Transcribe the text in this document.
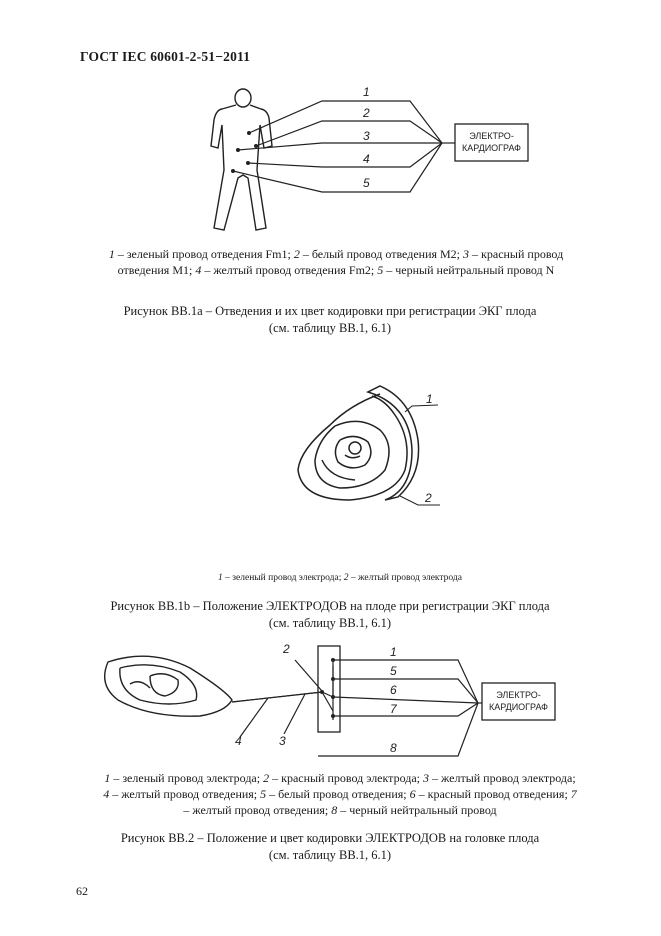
ГОСТ IEC 60601-2-51−2011
1
2
3
4
5
ЭЛЕКТРО-
КАРДИОГРАФ
1 – зеленый провод отведения Fm1; 2 – белый провод отведения M2; 3 – красный провод отведения M1; 4 – желтый провод отведения Fm2; 5 – черный нейтральный провод N
Рисунок ВВ.1а – Отведения и их цвет кодировки при регистрации ЭКГ плода
(см. таблицу ВВ.1, 6.1)
1
2
1 – зеленый провод электрода; 2 – желтый провод электрода
Рисунок ВВ.1b – Положение ЭЛЕКТРОДОВ на плоде при регистрации ЭКГ плода
(см. таблицу ВВ.1, 6.1)
1
5
6
7
8
2
3
4
ЭЛЕКТРО-
КАРДИОГРАФ
1 – зеленый провод электрода; 2 – красный провод электрода; 3 – желтый провод электрода; 4 – желтый провод отведения; 5 – белый провод отведения; 6 – красный провод отведения; 7 – желтый провод отведения; 8 – черный нейтральный провод
Рисунок ВВ.2 – Положение и цвет кодировки ЭЛЕКТРОДОВ на головке плода
(см. таблицу ВВ.1, 6.1)
62
